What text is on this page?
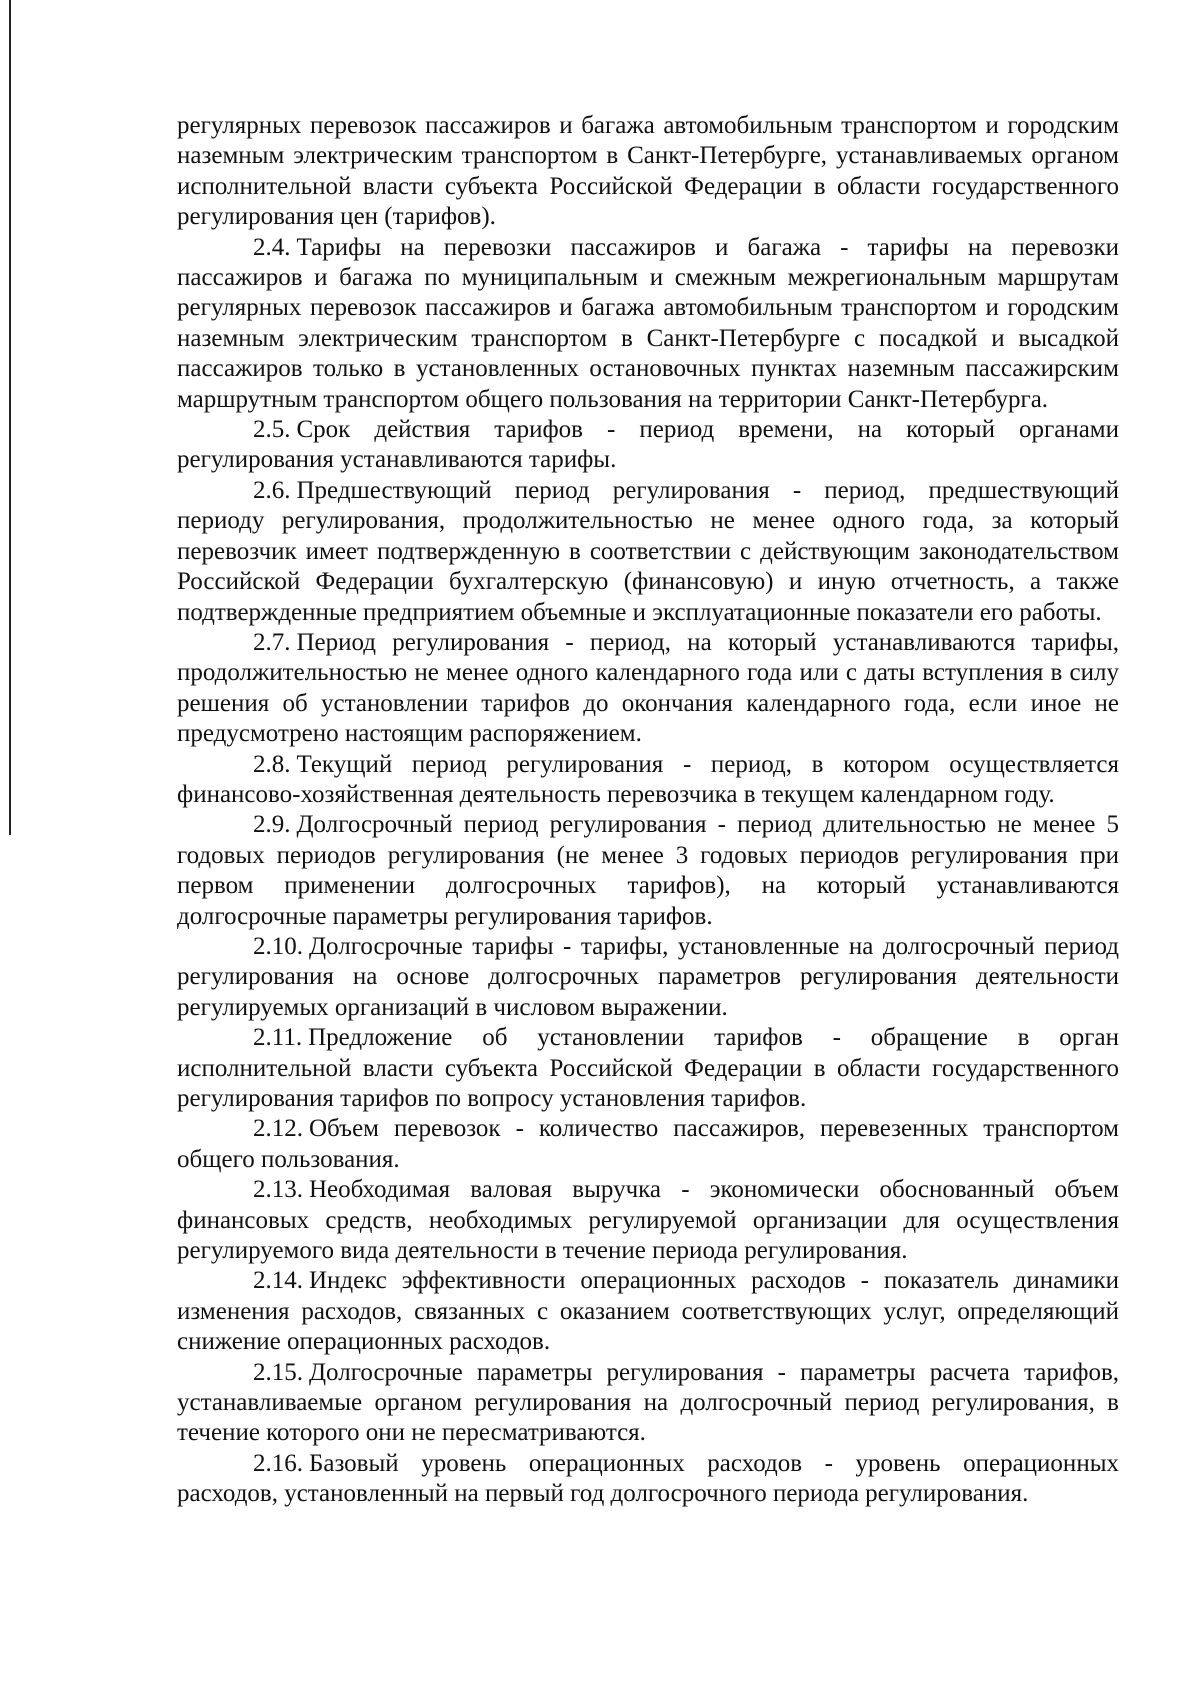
регулярных перевозок пассажиров и багажа автомобильным транспортом и городским наземным электрическим транспортом в Санкт-Петербурге, устанавливаемых органом исполнительной власти субъекта Российской Федерации в области государственного регулирования цен (тарифов).

2.4. Тарифы на перевозки пассажиров и багажа - тарифы на перевозки пассажиров и багажа по муниципальным и смежным межрегиональным маршрутам регулярных перевозок пассажиров и багажа автомобильным транспортом и городским наземным электрическим транспортом в Санкт-Петербурге с посадкой и высадкой пассажиров только в установленных остановочных пунктах наземным пассажирским маршрутным транспортом общего пользования на территории Санкт-Петербурга.

2.5. Срок действия тарифов - период времени, на который органами регулирования устанавливаются тарифы.

2.6. Предшествующий период регулирования - период, предшествующий периоду регулирования, продолжительностью не менее одного года, за который перевозчик имеет подтвержденную в соответствии с действующим законодательством Российской Федерации бухгалтерскую (финансовую) и иную отчетность, а также подтвержденные предприятием объемные и эксплуатационные показатели его работы.

2.7. Период регулирования - период, на который устанавливаются тарифы, продолжительностью не менее одного календарного года или с даты вступления в силу решения об установлении тарифов до окончания календарного года, если иное не предусмотрено настоящим распоряжением.

2.8. Текущий период регулирования - период, в котором осуществляется финансово-хозяйственная деятельность перевозчика в текущем календарном году.

2.9. Долгосрочный период регулирования - период длительностью не менее 5 годовых периодов регулирования (не менее 3 годовых периодов регулирования при первом применении долгосрочных тарифов), на который устанавливаются долгосрочные параметры регулирования тарифов.

2.10. Долгосрочные тарифы - тарифы, установленные на долгосрочный период регулирования на основе долгосрочных параметров регулирования деятельности регулируемых организаций в числовом выражении.

2.11. Предложение об установлении тарифов - обращение в орган исполнительной власти субъекта Российской Федерации в области государственного регулирования тарифов по вопросу установления тарифов.

2.12. Объем перевозок - количество пассажиров, перевезенных транспортом общего пользования.

2.13. Необходимая валовая выручка - экономически обоснованный объем финансовых средств, необходимых регулируемой организации для осуществления регулируемого вида деятельности в течение периода регулирования.

2.14. Индекс эффективности операционных расходов - показатель динамики изменения расходов, связанных с оказанием соответствующих услуг, определяющий снижение операционных расходов.

2.15. Долгосрочные параметры регулирования - параметры расчета тарифов, устанавливаемые органом регулирования на долгосрочный период регулирования, в течение которого они не пересматриваются.

2.16. Базовый уровень операционных расходов - уровень операционных расходов, установленный на первый год долгосрочного периода регулирования.
